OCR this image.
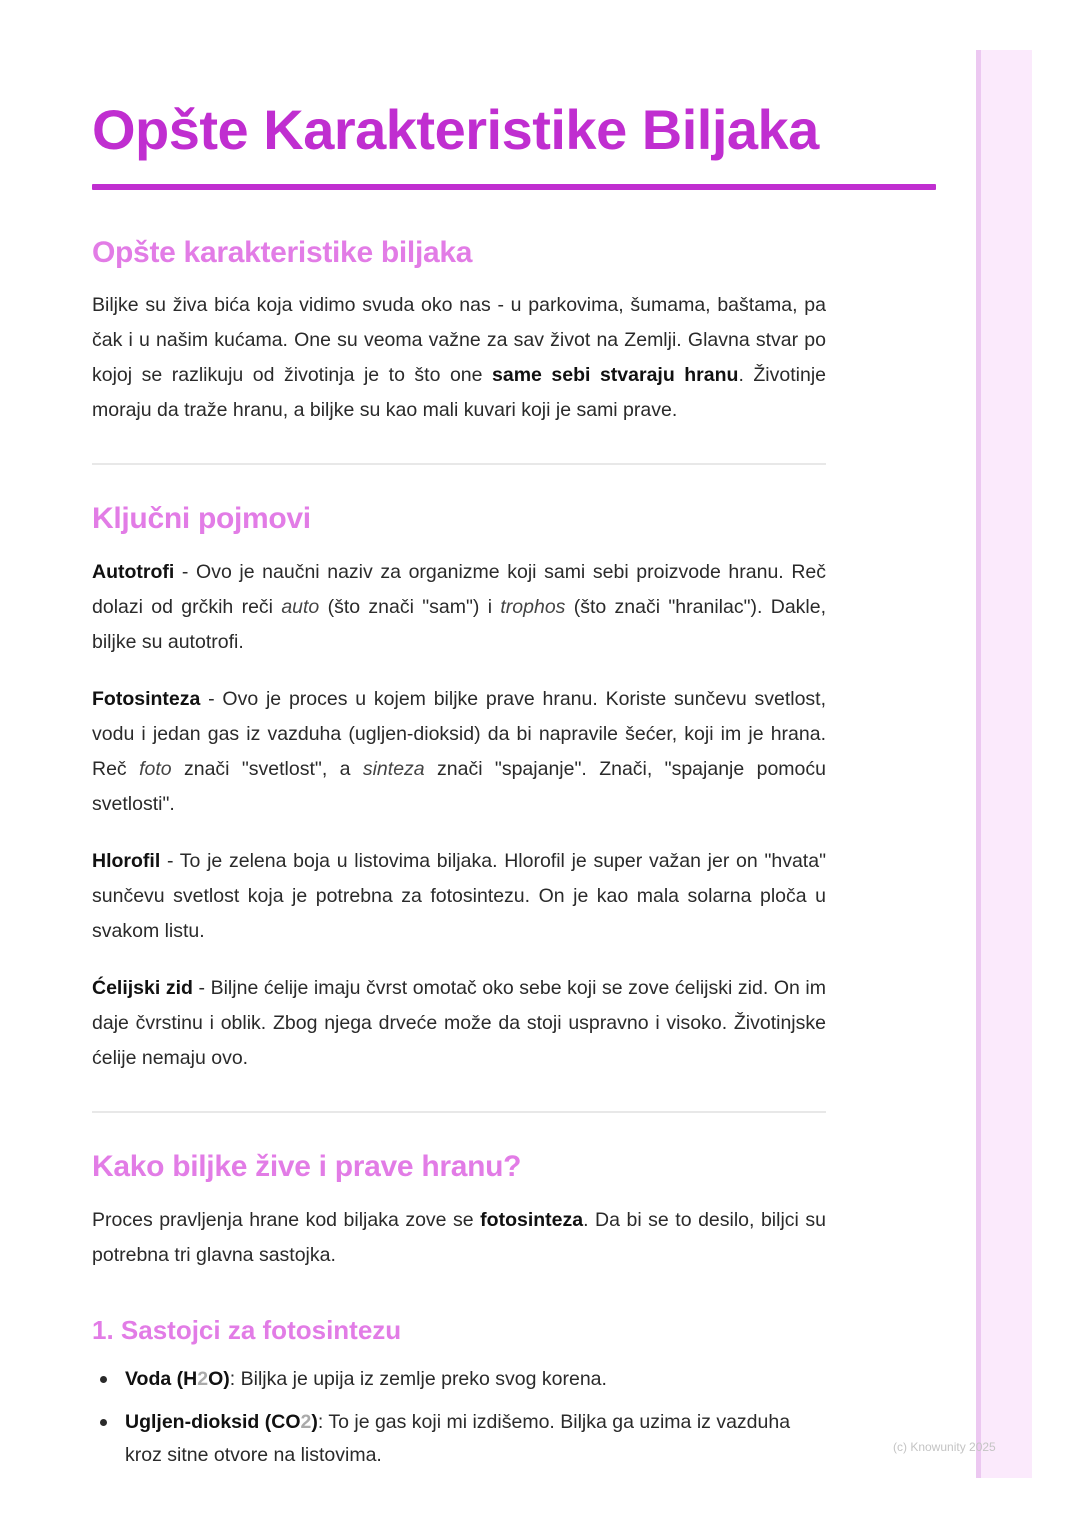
Opšte Karakteristike Biljaka
Opšte karakteristike biljaka

Biljke su živa bića koja vidimo svuda oko nas - u parkovima, šumama, baštama, pa čak i u našim kućama. One su veoma važne za sav život na Zemlji. Glavna stvar po kojoj se razlikuju od životinja je to što one same sebi stvaraju hranu. Životinje moraju da traže hranu, a biljke su kao mali kuvari koji je sami prave.

Ključni pojmovi

Autotrofi - Ovo je naučni naziv za organizme koji sami sebi proizvode hranu. Reč dolazi od grčkih reči auto (što znači "sam") i trophos (što znači "hranilac"). Dakle, biljke su autotrofi.

Fotosinteza - Ovo je proces u kojem biljke prave hranu. Koriste sunčevu svetlost, vodu i jedan gas iz vazduha (ugljen-dioksid) da bi napravile šećer, koji im je hrana. Reč foto znači "svetlost", a sinteza znači "spajanje". Znači, "spajanje pomoću svetlosti".

Hlorofil - To je zelena boja u listovima biljaka. Hlorofil je super važan jer on "hvata" sunčevu svetlost koja je potrebna za fotosintezu. On je kao mala solarna ploča u svakom listu.

Ćelijski zid - Biljne ćelije imaju čvrst omotač oko sebe koji se zove ćelijski zid. On im daje čvrstinu i oblik. Zbog njega drveće može da stoji uspravno i visoko. Životinjske ćelije nemaju ovo.

Kako biljke žive i prave hranu?

Proces pravljenja hrane kod biljaka zove se fotosinteza. Da bi se to desilo, biljci su potrebna tri glavna sastojka.

1. Sastojci za fotosintezu
Voda (H2O): Biljka je upija iz zemlje preko svog korena.
Ugljen-dioksid (CO2): To je gas koji mi izdišemo. Biljka ga uzima iz vazduha kroz sitne otvore na listovima.	(c) Knowunity 2025
